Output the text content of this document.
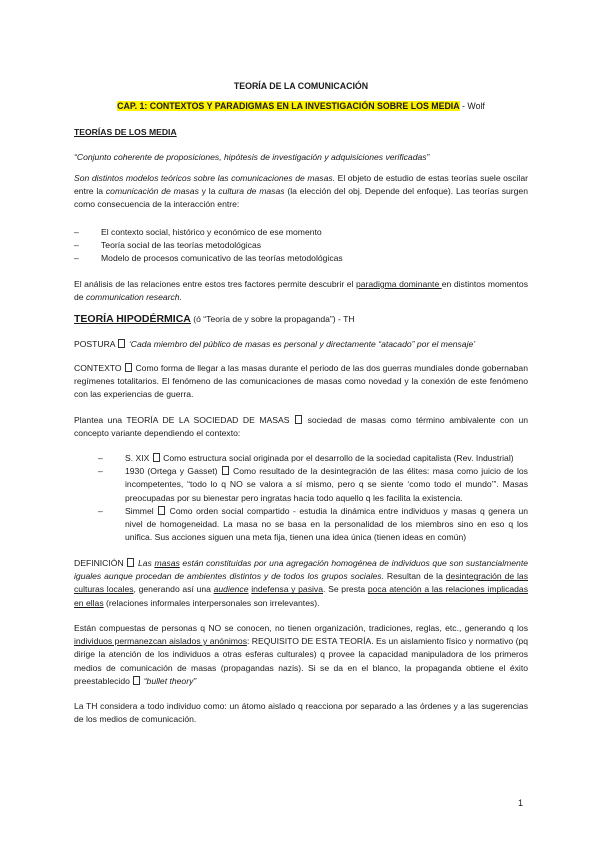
TEORÍA DE LA COMUNICACIÓN
CAP. 1: CONTEXTOS Y PARADIGMAS EN LA INVESTIGACIÓN SOBRE LOS MEDIA - Wolf
TEORÍAS DE LOS MEDIA
“Conjunto coherente de proposiciones, hipótesis de investigación y adquisiciones verificadas”
Son distintos modelos teóricos sobre las comunicaciones de masas. El objeto de estudio de estas teorías suele oscilar entre la comunicación de masas y la cultura de masas (la elección del obj. Depende del enfoque). Las teorías surgen como consecuencia de la interacción entre:
–	El contexto social, histórico y económico de ese momento
–	Teoría social de las teorías metodológicas
–	Modelo de procesos comunicativo de las teorías metodológicas
El análisis de las relaciones entre estos tres factores permite descubrir el paradigma dominante en distintos momentos de communication research.
TEORÍA HIPODÉRMICA (ó “Teoría de y sobre la propaganda”) - TH
POSTURA ‘Cada miembro del público de masas es personal y directamente “atacado” por el mensaje’
CONTEXTO Como forma de llegar a las masas durante el periodo de las dos guerras mundiales donde gobernaban regímenes totalitarios. El fenómeno de las comunicaciones de masas como novedad y la conexión de este fenómeno con las experiencias de guerra.
Plantea una TEORÍA DE LA SOCIEDAD DE MASAS sociedad de masas como término ambivalente con un concepto variante dependiendo el contexto:
–	S. XIX Como estructura social originada por el desarrollo de la sociedad capitalista (Rev. Industrial)
–	1930 (Ortega y Gasset) Como resultado de la desintegración de las élites: masa como juicio de los incompetentes, “todo lo q NO se valora a sí mismo, pero q se siente ‘como todo el mundo’”. Masas preocupadas por su bienestar pero ingratas hacia todo aquello q les facilita la existencia.
–	Simmel Como orden social compartido - estudia la dinámica entre individuos y masas q genera un nivel de homogeneidad. La masa no se basa en la personalidad de los miembros sino en eso q los unifica. Sus acciones siguen una meta fija, tienen una idea única (tienen ideas en común)
DEFINICIÓN Las masas están constituidas por una agregación homogénea de individuos que son sustancialmente iguales aunque procedan de ambientes distintos y de todos los grupos sociales. Resultan de la desintegración de las culturas locales, generando así una audience indefensa y pasiva. Se presta poca atención a las relaciones implicadas en ellas (relaciones informales interpersonales son irrelevantes).
Están compuestas de personas q NO se conocen, no tienen organización, tradiciones, reglas, etc., generando q los individuos permanezcan aislados y anónimos: REQUISITO DE ESTA TEORÍA. Es un aislamiento físico y normativo (pq dirige la atención de los individuos a otras esferas culturales) q provee la capacidad manipuladora de los primeros medios de comunicación de masas (propagandas nazis). Si se da en el blanco, la propaganda obtiene el éxito preestablecido “bullet theory”
La TH considera a todo individuo como: un átomo aislado q reacciona por separado a las órdenes y a las sugerencias de los medios de comunicación.
1
